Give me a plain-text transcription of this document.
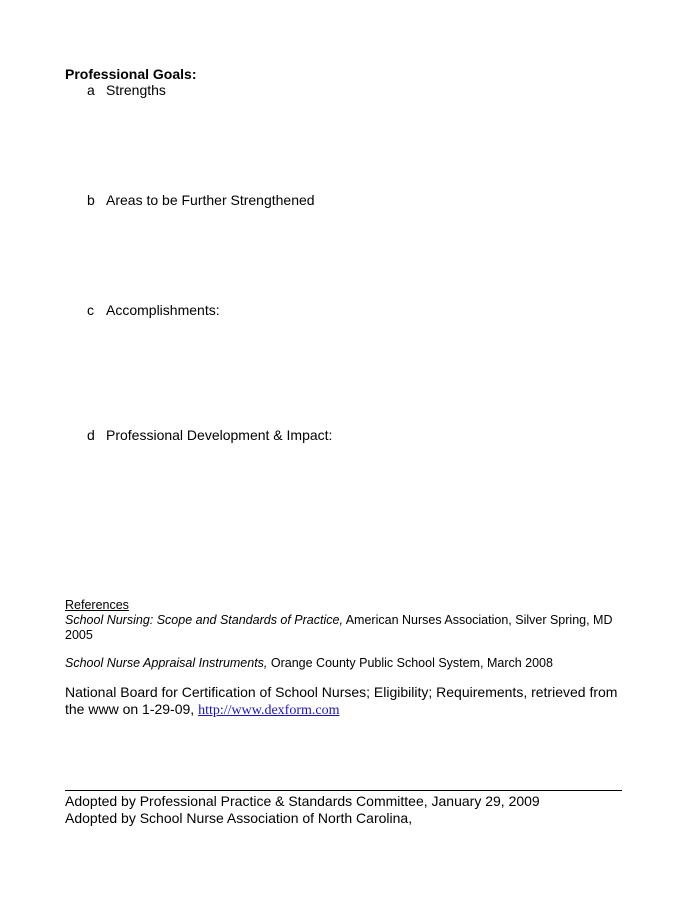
Professional Goals:
a Strengths
b Areas to be Further Strengthened
c Accomplishments:
d Professional Development & Impact:
References
School Nursing: Scope and Standards of Practice, American Nurses Association, Silver Spring, MD 2005
School Nurse Appraisal Instruments, Orange County Public School System, March 2008
National Board for Certification of School Nurses; Eligibility; Requirements, retrieved from the www on 1-29-09, http://www.dexform.com
Adopted by Professional Practice & Standards Committee, January 29, 2009
Adopted by School Nurse Association of North Carolina,
